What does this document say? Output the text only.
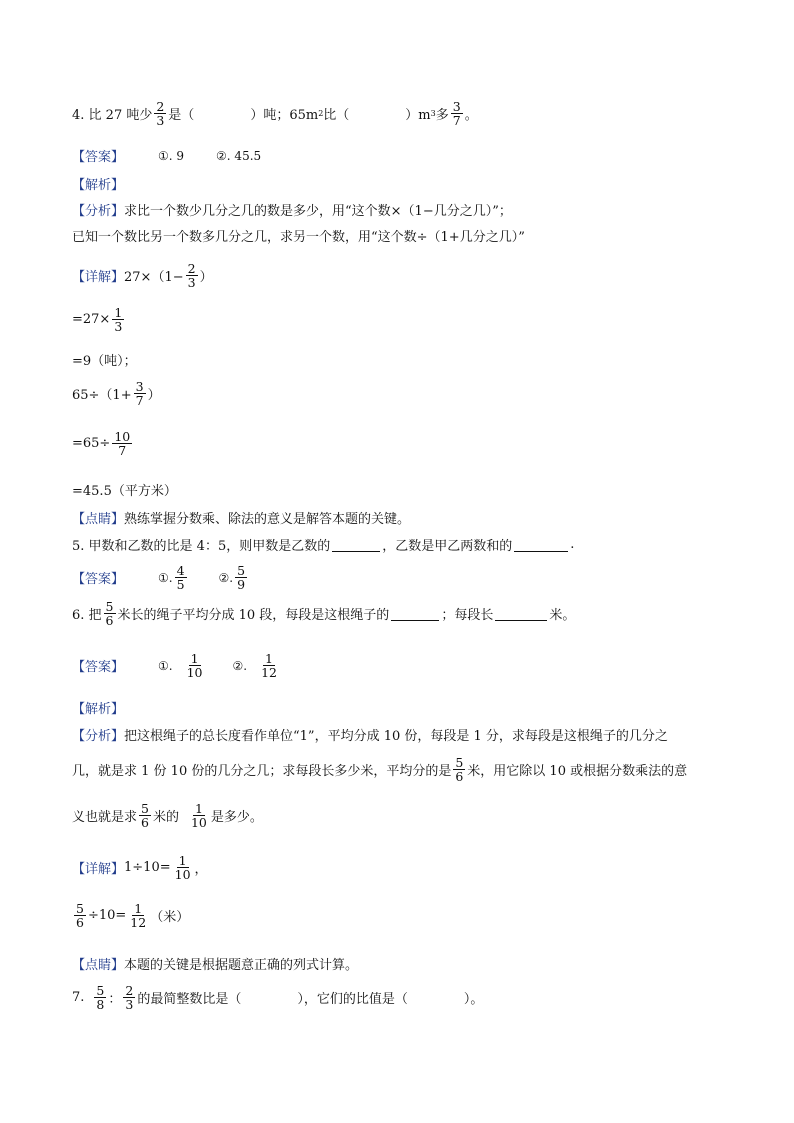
4. 比 27 吨少 $\frac{2}{3}$ 是（	）吨；65m 2 比（	）m 3 多 $\frac{3}{7}$ 。
【答案】	①. 9	②. 45.5
【解析】
【分析】 求比一个数少几分之几的数是多少，用“这个数×（1−几分之几）”；
已知一个数比另一个数多几分之几，求另一个数，用“这个数÷（1+几分之几）”
【详解】 $27\times(1- \frac{2}{3}$ ）
$=27\times \frac{1}{3}$
=9（吨）；
$65\div(1+ \frac{3}{7}$ ）
$=65\div \frac{10}{7}$
=45.5（平方米）
【点睛】 熟练掌握分数乘、除法的意义是解答本题的关键。
5. 甲数和乙数的比是 4：5，则甲数是乙数的	，乙数是甲乙两数和的	.
【答案】	①. $\frac{4}{5}$	②. $\frac{5}{9}$
6. 把 $\frac{5}{6}$ 米长的绳子平均分成 10 段，每段是这根绳子的	；每段长	米。
【答案】	①. $\frac{1}{10}$ ②. $\frac{1}{12}$
【解析】
【分析】 把这根绳子的总长度看作单位“1”，平均分成 10 份，每段是 1 分，求每段是这根绳子的几分之
几，就是求 1 份 10 份的几分之几；求每段长多少米，平均分的是 $\frac{5}{6}$ 米，用它除以 10 或根据分数乘法的意
义也就是求 $\frac{5}{6}$ 米的 $\frac{1}{10}$ 是多少。
【详解】 $1\div 10= \frac{1}{10}$ ，
$\frac{5}{6} \div 10= \frac{1}{12}$ （米）
【点睛】 本题的关键是根据题意正确的列式计算。
7. $\frac{5}{8}$ ： $\frac{2}{3}$ 的最简整数比是（	），它们的比值是（	）。
